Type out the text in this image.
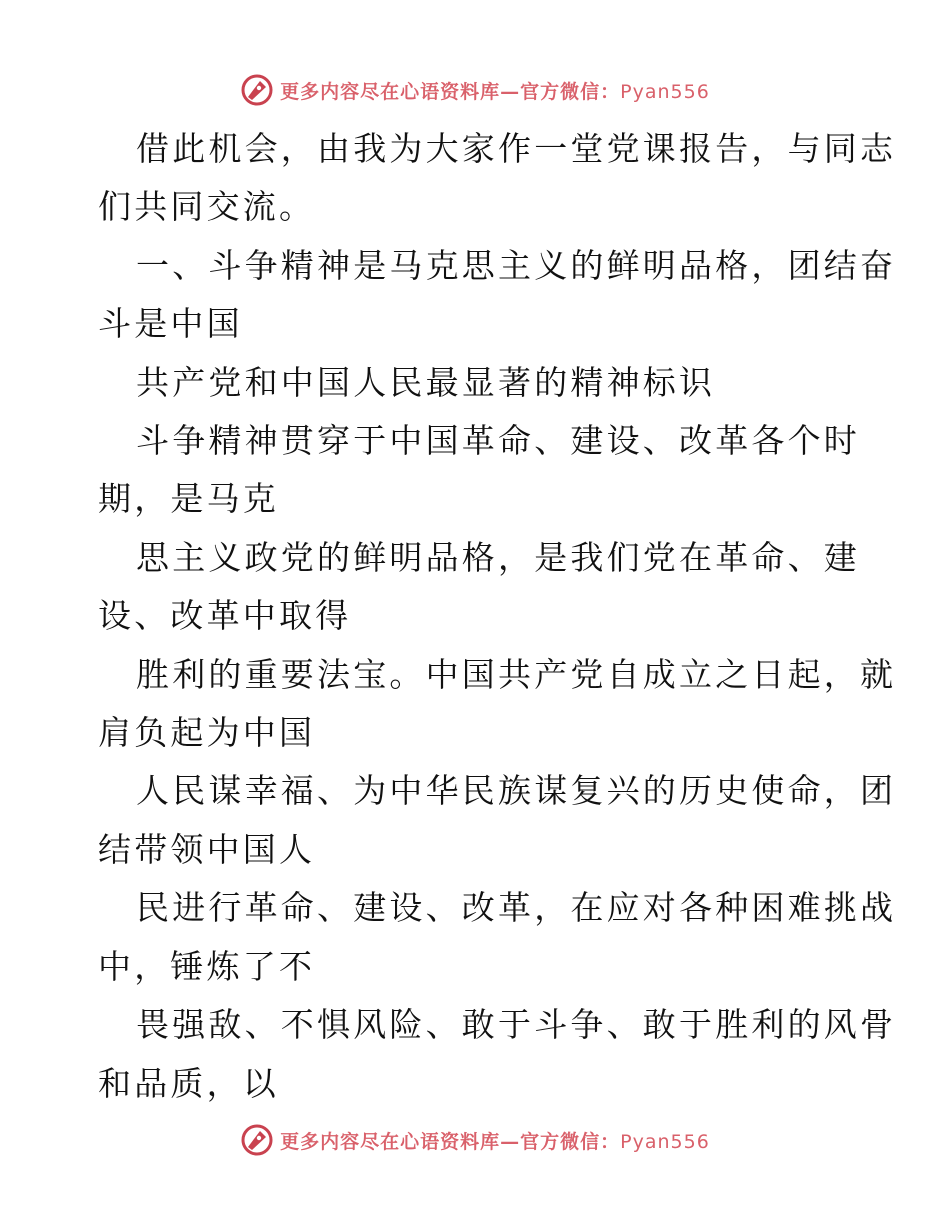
更多内容尽在心语资料库—官方微信：Pyan556

借此机会，由我为大家作一堂党课报告，与同志
们共同交流。

一、斗争精神是马克思主义的鲜明品格，团结奋
斗是中国

共产党和中国人民最显著的精神标识

斗争精神贯穿于中国革命、建设、改革各个时
期，是马克

思主义政党的鲜明品格，是我们党在革命、建
设、改革中取得

胜利的重要法宝。中国共产党自成立之日起，就
肩负起为中国

人民谋幸福、为中华民族谋复兴的历史使命，团
结带领中国人

民进行革命、建设、改革，在应对各种困难挑战
中，锤炼了不

畏强敌、不惧风险、敢于斗争、敢于胜利的风骨
和品质，以

更多内容尽在心语资料库—官方微信：Pyan556
